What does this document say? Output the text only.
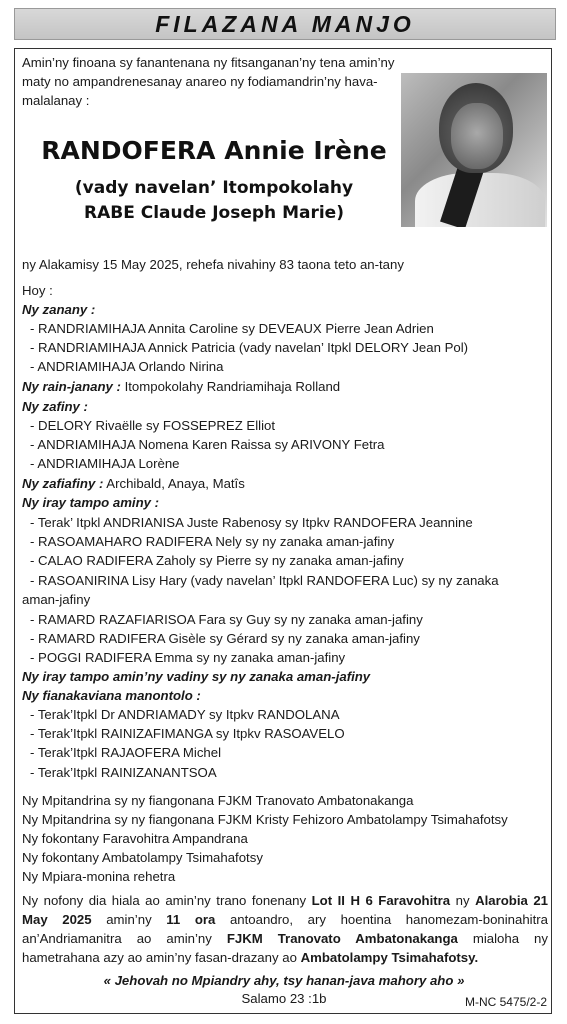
FILAZANA MANJO
Amin’ny finoana sy fanantenana ny fitsanganan’ny tena amin’ny
maty no ampandrenesanay anareo ny fodiamandrin’ny hava-
malalanay :
RANDOFERA Annie Irène
(vady navelan’ Itompokolahy
RABE Claude Joseph Marie)
ny Alakamisy 15 May 2025, rehefa nivahiny 83 taona teto an-tany
Hoy :
Ny zanany :
- RANDRIAMIHAJA Annita Caroline sy DEVEAUX Pierre Jean Adrien
- RANDRIAMIHAJA Annick Patricia (vady navelan’ Itpkl DELORY Jean Pol)
- ANDRIAMIHAJA Orlando Nirina
Ny rain-janany : Itompokolahy Randriamihaja Rolland
Ny zafiny :
- DELORY Rivaëlle sy FOSSEPREZ Elliot
- ANDRIAMIHAJA Nomena Karen Raissa sy ARIVONY Fetra
- ANDRIAMIHAJA Lorène
Ny zafiafiny : Archibald, Anaya, Matîs
Ny iray tampo aminy :
- Terak’ Itpkl ANDRIANISA Juste Rabenosy sy Itpkv RANDOFERA Jeannine
- RASOAMAHARO RADIFERA Nely sy ny zanaka aman-jafiny
- CALAO RADIFERA Zaholy sy Pierre sy ny zanaka aman-jafiny
- RASOANIRINA Lisy Hary (vady navelan’ Itpkl RANDOFERA Luc) sy ny zanaka
aman-jafiny
- RAMARD RAZAFIARISOA Fara sy Guy sy ny zanaka aman-jafiny
- RAMARD RADIFERA Gisèle sy Gérard sy ny zanaka aman-jafiny
- POGGI RADIFERA Emma sy ny zanaka aman-jafiny
Ny iray tampo amin’ny vadiny sy ny zanaka aman-jafiny
Ny fianakaviana manontolo :
- Terak’Itpkl Dr ANDRIAMADY sy Itpkv RANDOLANA
- Terak’Itpkl RAINIZAFIMANGA sy Itpkv RASOAVELO
- Terak’Itpkl RAJAOFERA Michel
- Terak’Itpkl RAINIZANANTSOA
Ny Mpitandrina sy ny fiangonana FJKM Tranovato Ambatonakanga
Ny Mpitandrina sy ny fiangonana FJKM Kristy Fehizoro Ambatolampy Tsimahafotsy
Ny fokontany Faravohitra Ampandrana
Ny fokontany Ambatolampy Tsimahafotsy
Ny Mpiara-monina rehetra

Ny nofony dia hiala ao amin’ny trano fonenany Lot II H 6 Faravohitra ny Alarobia 21 May 2025 amin’ny 11 ora antoandro, ary hoentina hanomezam-boninahitra an’Andriamanitra ao amin’ny FJKM Tranovato Ambatonakanga mialoha ny hametrahana azy ao amin’ny fasan-drazany ao Ambatolampy Tsimahafotsy.

« Jehovah no Mpiandry ahy, tsy hanan-java mahory aho »
Salamo 23 :1b	M-NC 5475/2-2
